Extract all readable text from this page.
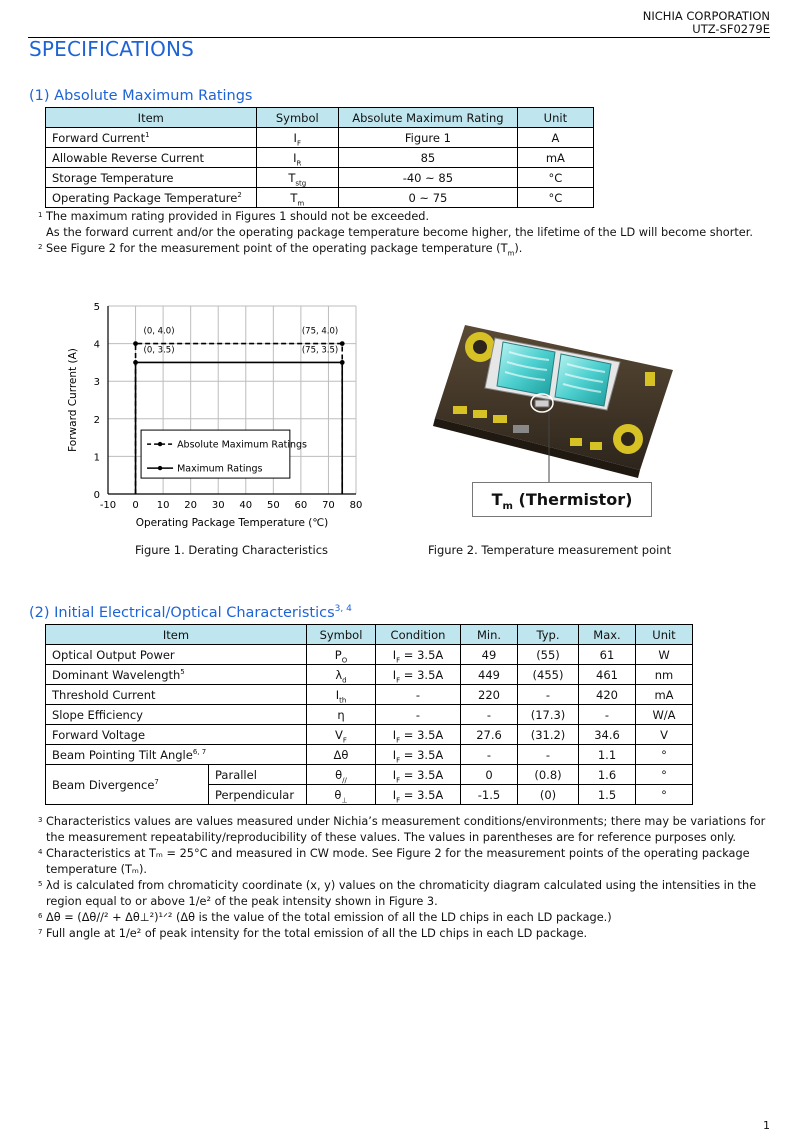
NICHIA CORPORATION
UTZ-SF0279E
SPECIFICATIONS
(1) Absolute Maximum Ratings
Item	Symbol	Absolute Maximum Rating	Unit
Forward Current$^1$	$I_F$	Figure 1	A
Allowable Reverse Current	$I_R$	85	mA
Storage Temperature	$T_{stg}$	-40 ~ 85	°C
Operating Package Temperature$^2$	$T_m$	0 ~ 75	°C
1 The maximum rating provided in Figures 1 should not be exceeded.
As the forward current and/or the operating package temperature become higher, the lifetime of the LD will become shorter.
2 See Figure 2 for the measurement point of the operating package temperature $(T_m)$.
-10 0 10 20 30 40 50 60 70 80
0
1
2
3
4
5
(0, 4.0)	(75, 4.0)
(0, 3.5)	(75, 3.5)
Operating Package Temperature (℃)
Forward Current (A)	Absolute Maximum Ratings
Maximum Ratings
Figure 1. Derating Characteristics
$T_m$ (Thermistor)
Figure 2. Temperature measurement point
(2) Initial Electrical/Optical Characteristics$^{3, 4}$
Item		Symbol	Condition	Min.	Typ.	Max.	Unit
Optical Output Power		$P_O$	$I_F = 3.5A$	49	(55)	61	W
Dominant Wavelength$^5$		$\lambda_d$	$I_F = 3.5A$	449	(455)	461	nm
Threshold Current		$I_{th}$	-	220	-	420	mA
Slope Efficiency		η	-	-	(17.3)	-	W/A
Forward Voltage		$V_F$	$I_F = 3.5A$	27.6	(31.2)	34.6	V
Beam Pointing Tilt Angle$^{6, 7}$		Δθ	$I_F = 3.5A$	-	-	1.1	°
Beam Divergence$^7$	Parallel	$\theta_{//}$	$I_F = 3.5A$	0	(0.8)	1.6	°
	Perpendicular	$\theta_\perp$	$I_F = 3.5A$	-1.5	(0)	1.5	°
3 Characteristics values are values measured under Nichia’s measurement conditions/environments; there may be variations for the measurement repeatability/reproducibility of these values. The values in parentheses are for reference purposes only.
4 Characteristics at Tₘ = 25°C and measured in CW mode. See Figure 2 for the measurement points of the operating package temperature (Tₘ).
5 λd is calculated from chromaticity coordinate (x, y) values on the chromaticity diagram calculated using the intensities in the region equal to or above 1/e² of the peak intensity shown in Figure 3.
6 Δθ = (Δθ//² + Δθ⊥²)¹ᐟ² (Δθ is the value of the total emission of all the LD chips in each LD package.)
7 Full angle at 1/e² of peak intensity for the total emission of all the LD chips in each LD package.
1
